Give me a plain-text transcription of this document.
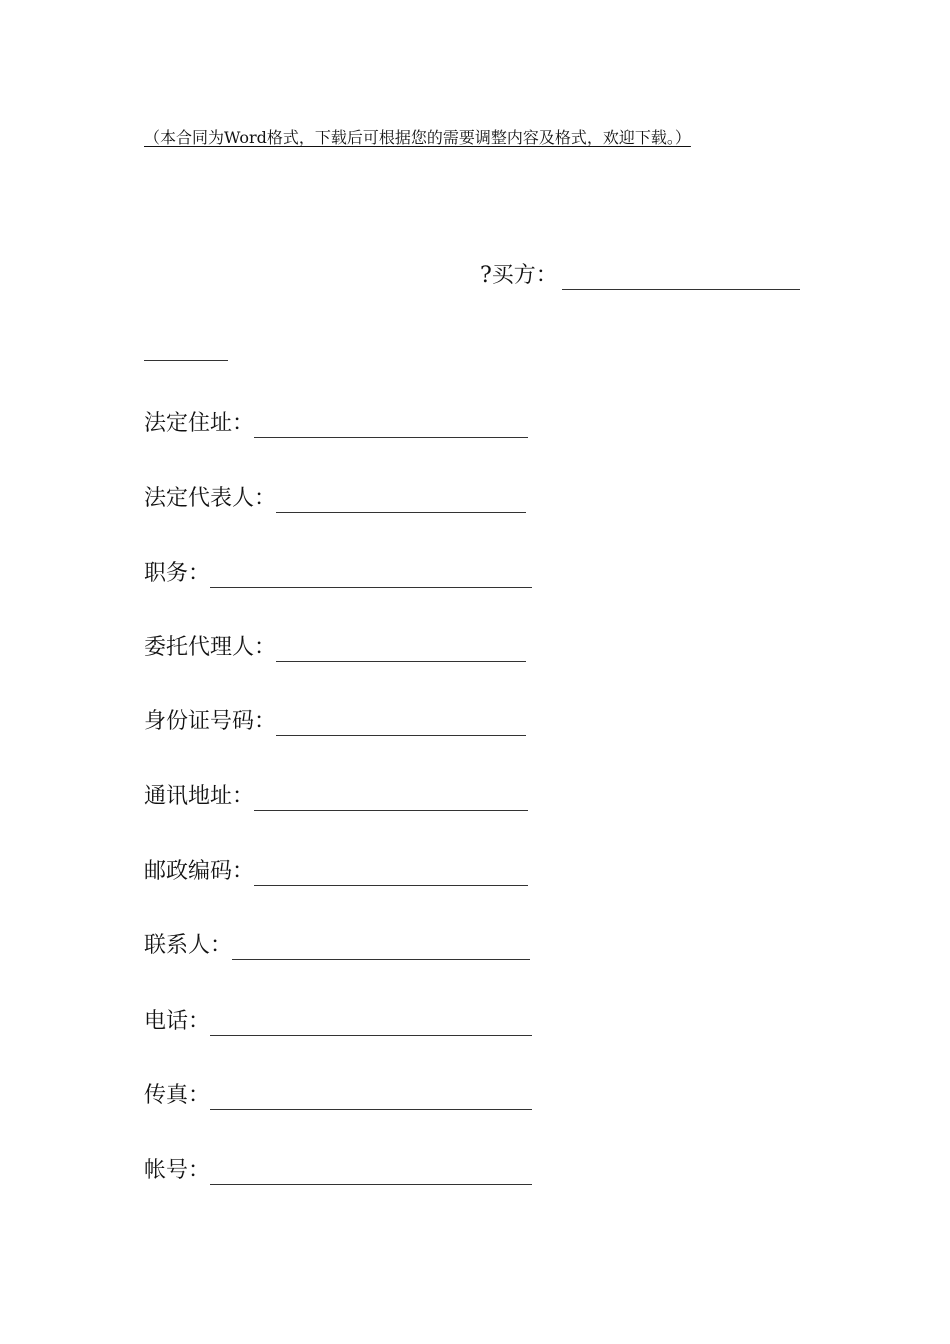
（本合同为Word格式，下载后可根据您的需要调整内容及格式，欢迎下载。）
?买方：
法定住址：
法定代表人：
职务：
委托代理人：
身份证号码：
通讯地址：
邮政编码：
联系人：
电话：
传真：
帐号：
